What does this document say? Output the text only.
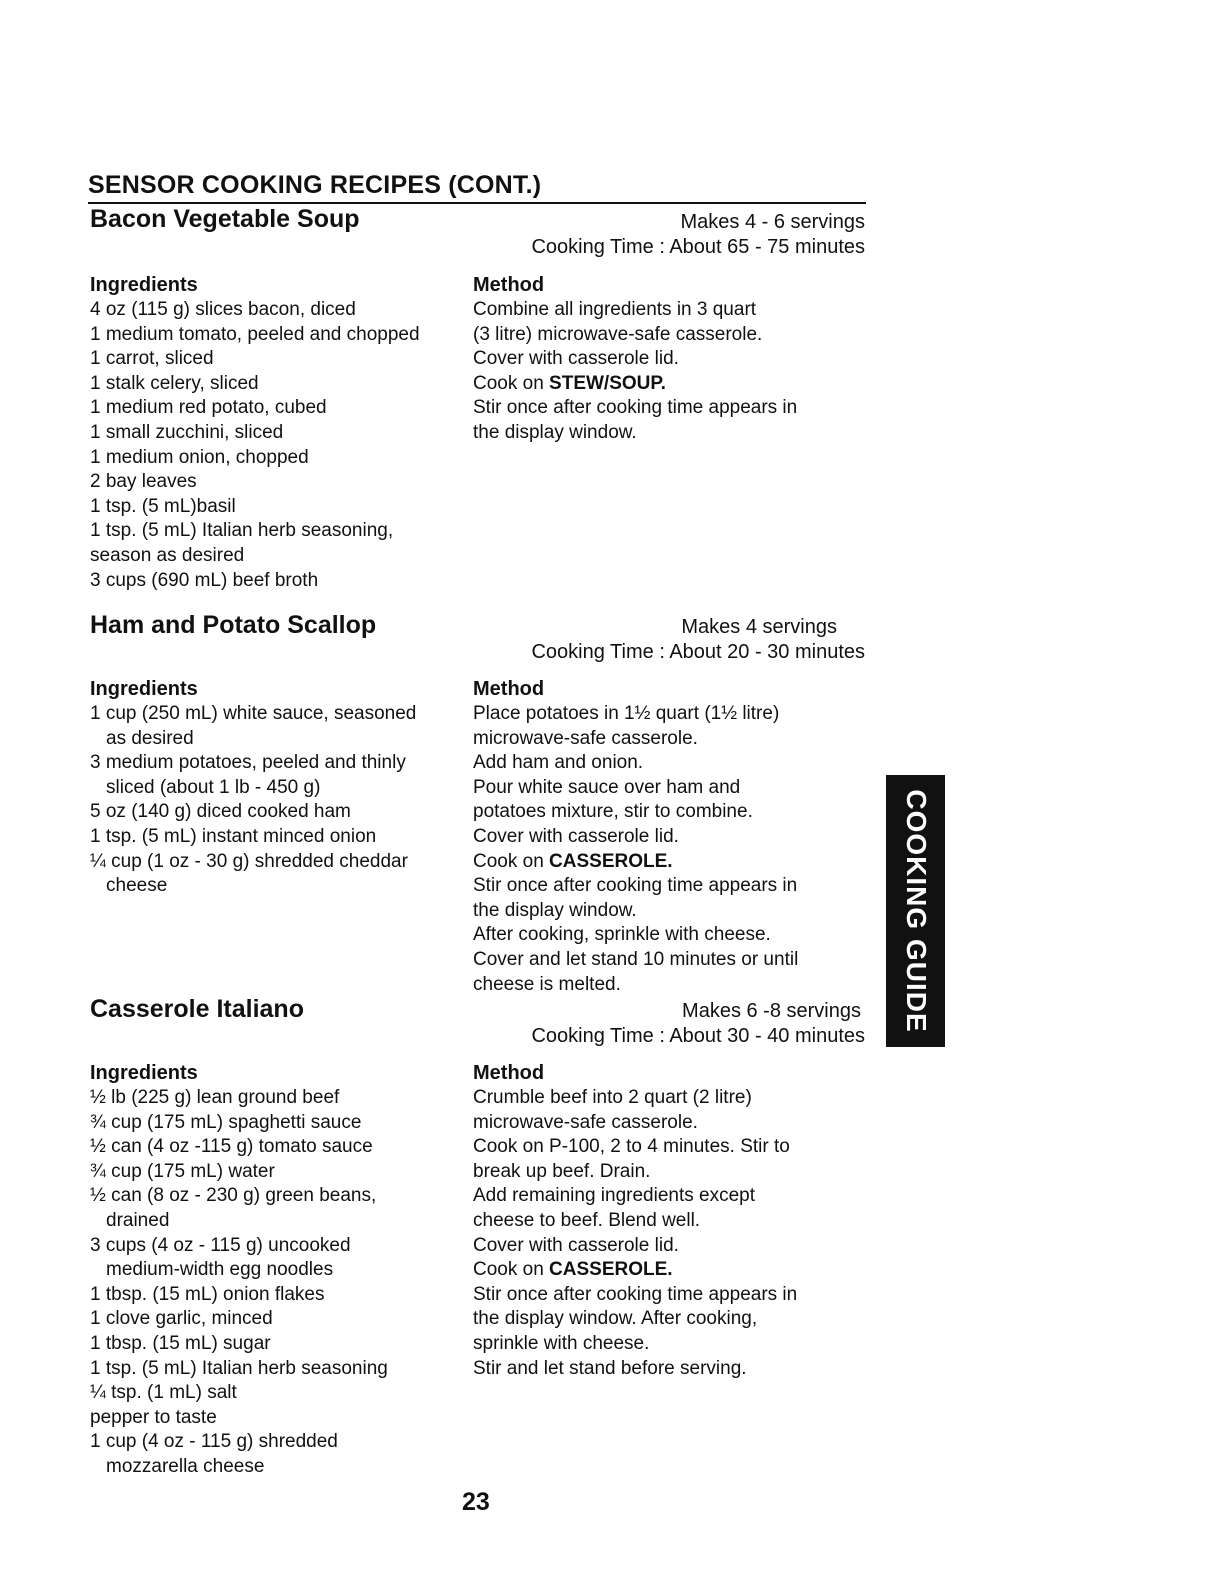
SENSOR COOKING RECIPES (CONT.)
Bacon Vegetable Soup	Makes 4 - 6 servings
Cooking Time : About 65 - 75 minutes
Ingredients
4 oz (115 g) slices bacon, diced
1 medium tomato, peeled and chopped
1 carrot, sliced
1 stalk celery, sliced
1 medium red potato, cubed
1 small zucchini, sliced
1 medium onion, chopped
2 bay leaves
1 tsp. (5 mL)basil
1 tsp. (5 mL) Italian herb seasoning,
season as desired
3 cups (690 mL) beef broth
Method
Combine all ingredients in 3 quart
(3 litre) microwave-safe casserole.
Cover with casserole lid.
Cook on STEW/SOUP.
Stir once after cooking time appears in
the display window.
Ham and Potato Scallop	Makes 4 servings
Cooking Time : About 20 - 30 minutes
Ingredients
1 cup (250 mL) white sauce, seasoned
as desired
3 medium potatoes, peeled and thinly
sliced (about 1 lb - 450 g)
5 oz (140 g) diced cooked ham
1 tsp. (5 mL) instant minced onion
¼ cup (1 oz - 30 g) shredded cheddar
cheese
Method
Place potatoes in 1½ quart (1½ litre)
microwave-safe casserole.
Add ham and onion.
Pour white sauce over ham and
potatoes mixture, stir to combine.
Cover with casserole lid.
Cook on CASSEROLE.
Stir once after cooking time appears in
the display window.
After cooking, sprinkle with cheese.
Cover and let stand 10 minutes or until
cheese is melted.
Casserole Italiano	Makes 6 -8 servings
Cooking Time : About 30 - 40 minutes
Ingredients
½ lb (225 g) lean ground beef
¾ cup (175 mL) spaghetti sauce
½ can (4 oz -115 g) tomato sauce
¾ cup (175 mL) water
½ can (8 oz - 230 g) green beans,
drained
3 cups (4 oz - 115 g) uncooked
medium-width egg noodles
1 tbsp. (15 mL) onion flakes
1 clove garlic, minced
1 tbsp. (15 mL) sugar
1 tsp. (5 mL) Italian herb seasoning
¼ tsp. (1 mL) salt
pepper to taste
1 cup (4 oz - 115 g) shredded
mozzarella cheese
Method
Crumble beef into 2 quart (2 litre)
microwave-safe casserole.
Cook on P-100, 2 to 4 minutes. Stir to
break up beef. Drain.
Add remaining ingredients except
cheese to beef. Blend well.
Cover with casserole lid.
Cook on CASSEROLE.
Stir once after cooking time appears in
the display window. After cooking,
sprinkle with cheese.
Stir and let stand before serving.
COOKING GUIDE
23
